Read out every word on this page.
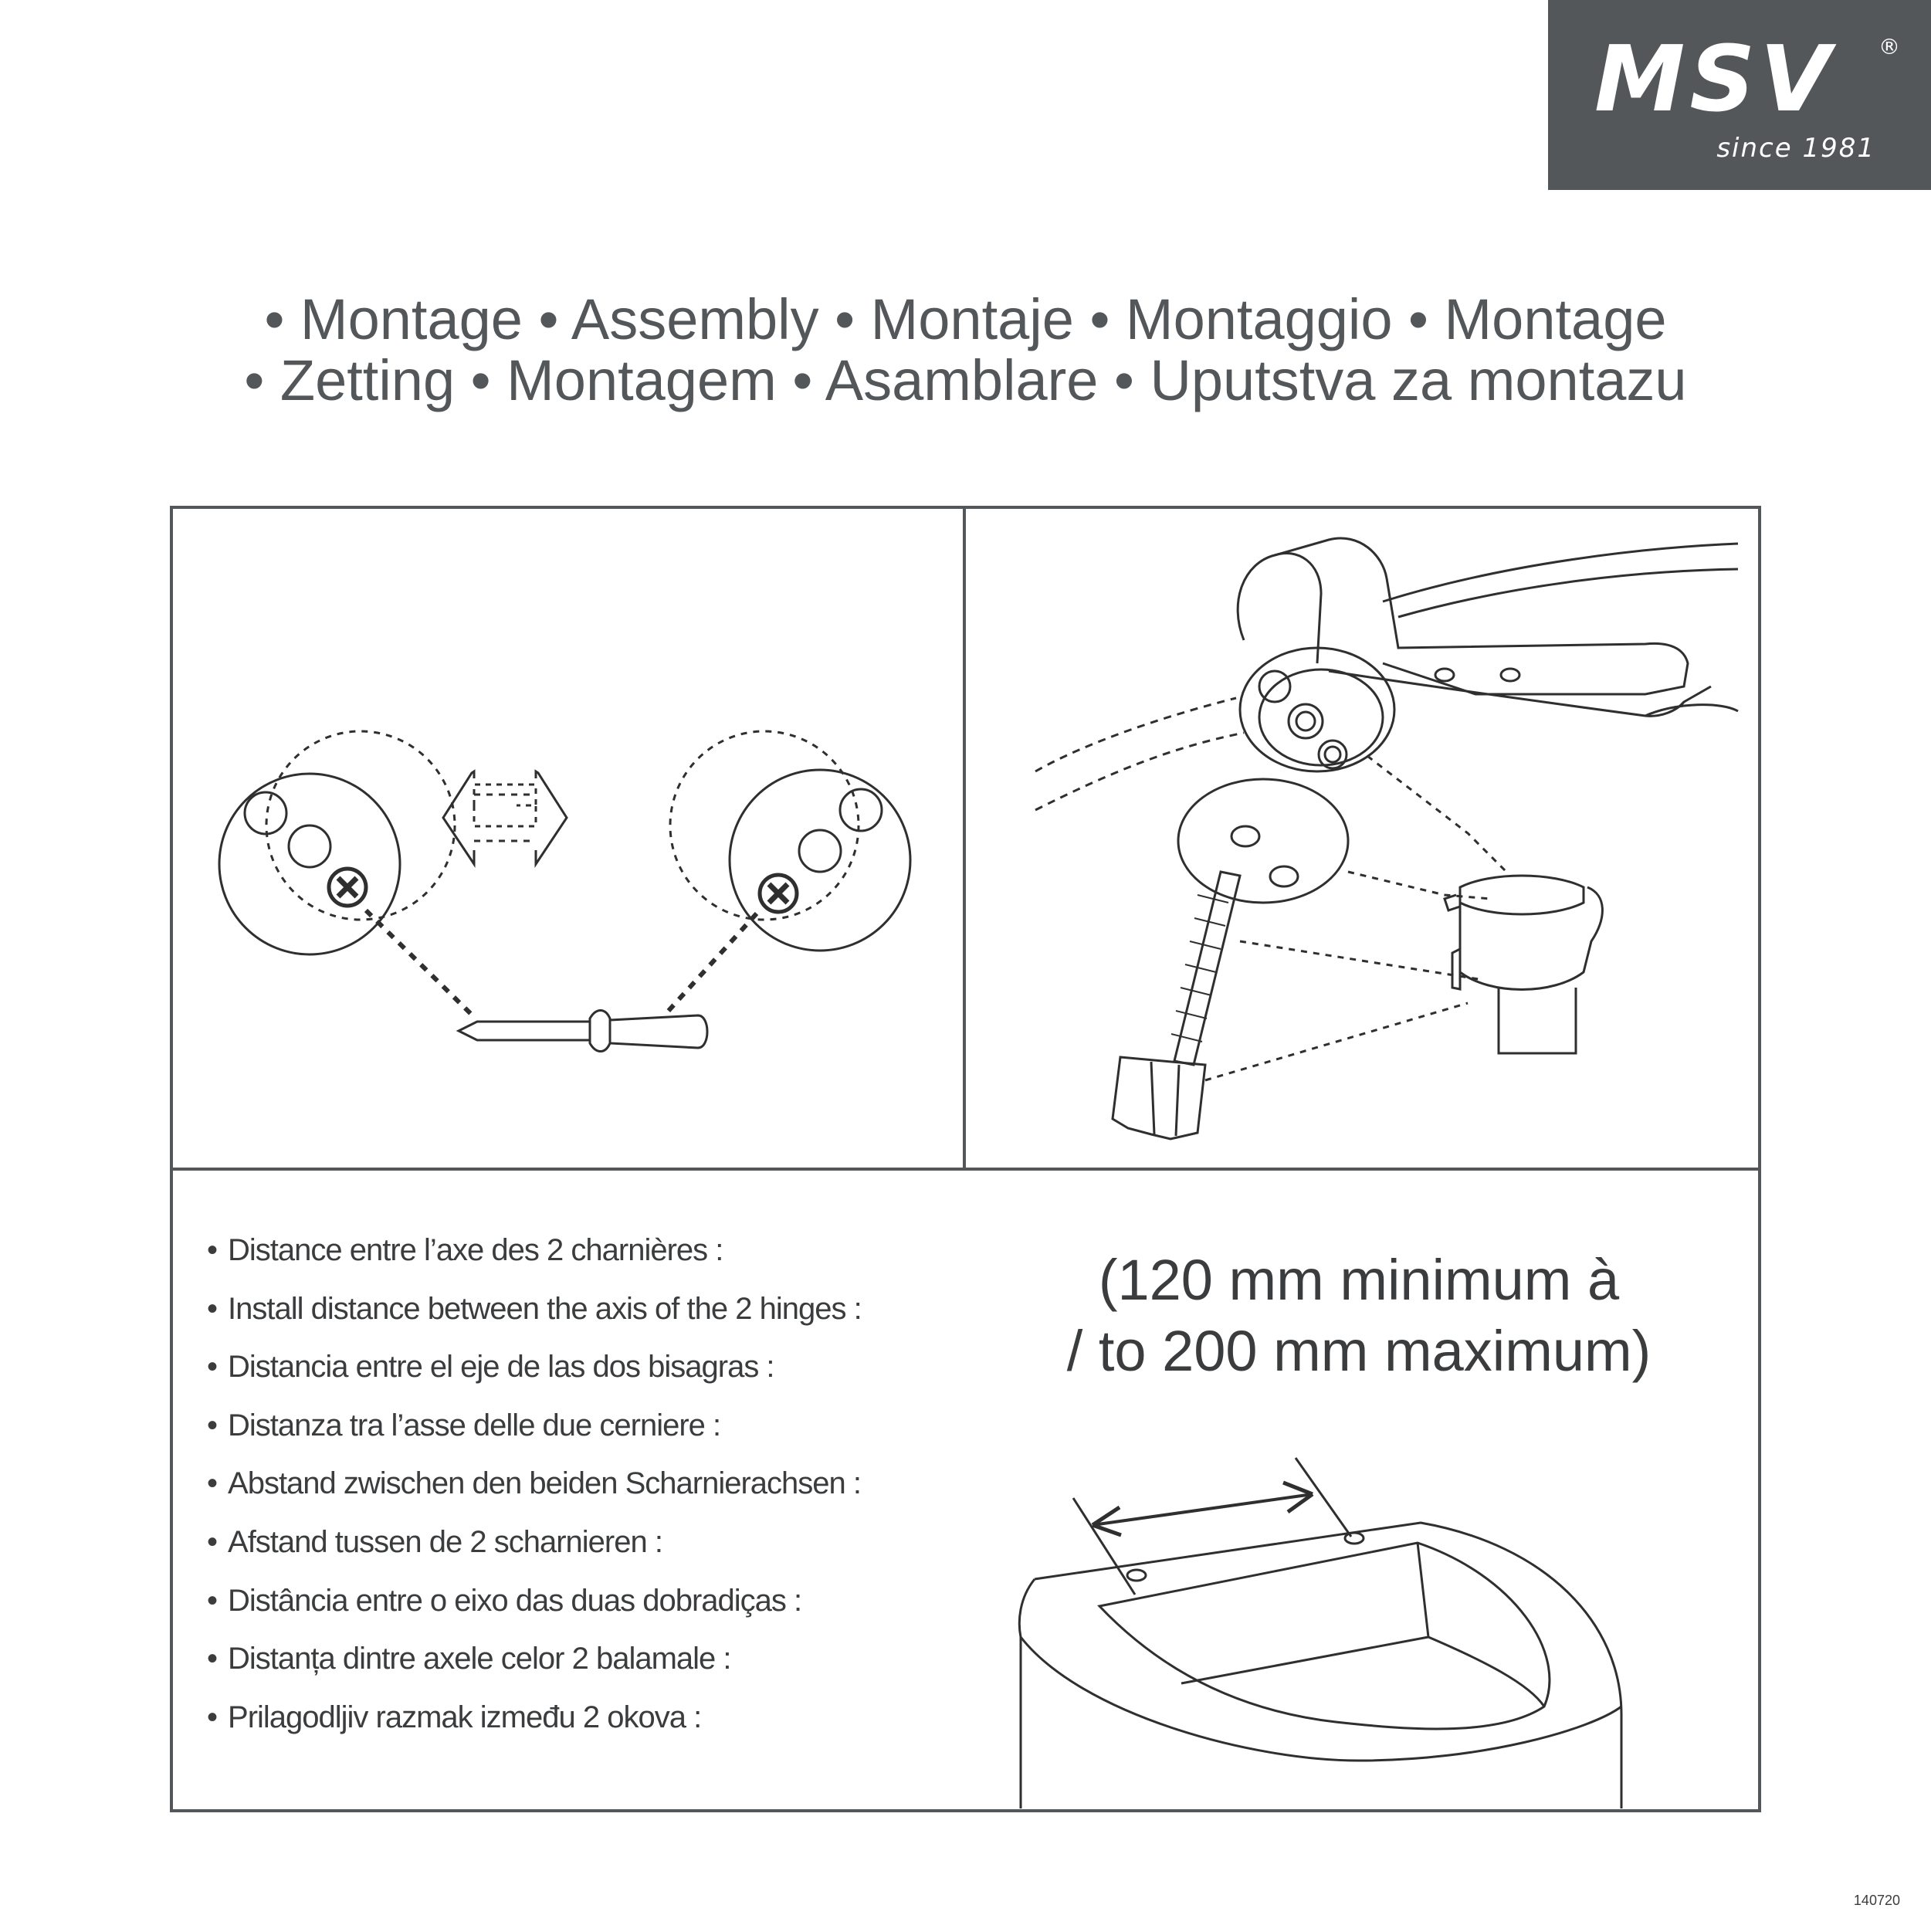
MSV ®
since 1981
• Montage • Assembly • Montaje • Montaggio • Montage
• Zetting • Montagem • Asamblare • Uputstva za montazu
• Distance entre l’axe des 2 charnières :
• Install distance between the axis of the 2 hinges :
• Distancia entre el eje de las dos bisagras :
• Distanza tra l’asse delle due cerniere :
• Abstand zwischen den beiden Scharnierachsen :
• Afstand tussen de 2 scharnieren :
• Distância entre o eixo das duas dobradiças :
• Distanța dintre axele celor 2 balamale :
• Prilagodljiv razmak između 2 okova :
(120 mm minimum à
/ to 200 mm maximum)
140720
